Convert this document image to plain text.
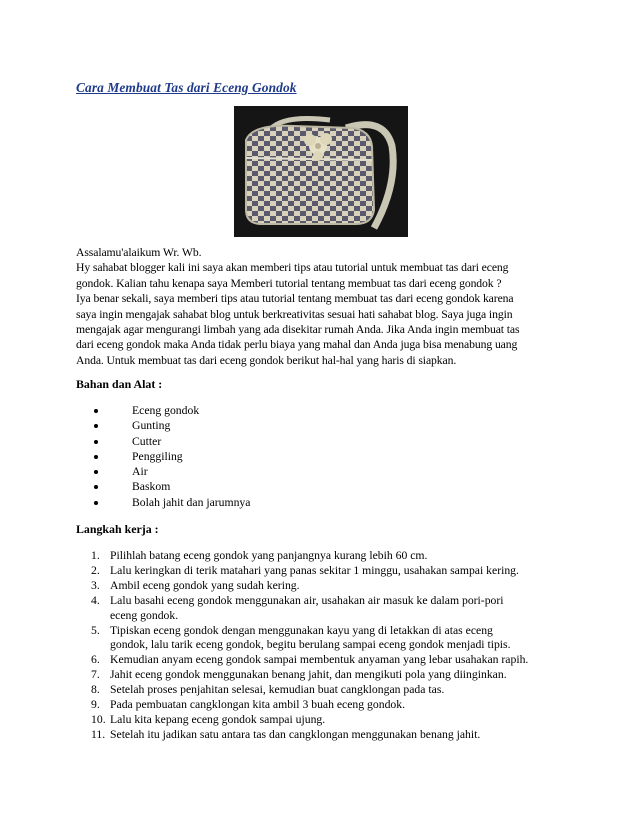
Cara Membuat Tas dari Eceng Gondok
Assalamu'alaikum Wr. Wb.
Hy sahabat blogger kali ini saya akan memberi tips atau tutorial untuk membuat tas dari eceng
gondok. Kalian tahu kenapa saya Memberi tutorial tentang membuat tas dari eceng gondok ?
Iya benar sekali, saya memberi tips atau tutorial tentang membuat tas dari eceng gondok karena
saya ingin mengajak sahabat blog untuk berkreativitas sesuai hati sahabat blog. Saya juga ingin
mengajak agar mengurangi limbah yang ada disekitar rumah Anda. Jika Anda ingin membuat tas
dari eceng gondok maka Anda tidak perlu biaya yang mahal dan Anda juga bisa menabung uang
Anda. Untuk membuat tas dari eceng gondok berikut hal-hal yang haris di siapkan.
Bahan dan Alat :
Eceng gondok
Gunting
Cutter
Penggiling
Air
Baskom
Bolah jahit dan jarumnya
Langkah kerja :
1. Pilihlah batang eceng gondok yang panjangnya kurang lebih 60 cm.
2. Lalu keringkan di terik matahari yang panas sekitar 1 minggu, usahakan sampai kering.
3. Ambil eceng gondok yang sudah kering.
4. Lalu basahi eceng gondok menggunakan air, usahakan air masuk ke dalam pori-pori
eceng gondok.
5. Tipiskan eceng gondok dengan menggunakan kayu yang di letakkan di atas eceng
gondok, lalu tarik eceng gondok, begitu berulang sampai eceng gondok menjadi tipis.
6. Kemudian anyam eceng gondok sampai membentuk anyaman yang lebar usahakan rapih.
7. Jahit eceng gondok menggunakan benang jahit, dan mengikuti pola yang diinginkan.
8. Setelah proses penjahitan selesai, kemudian buat cangklongan pada tas.
9. Pada pembuatan cangklongan kita ambil 3 buah eceng gondok.
10. Lalu kita kepang eceng gondok sampai ujung.
11. Setelah itu jadikan satu antara tas dan cangklongan menggunakan benang jahit.
